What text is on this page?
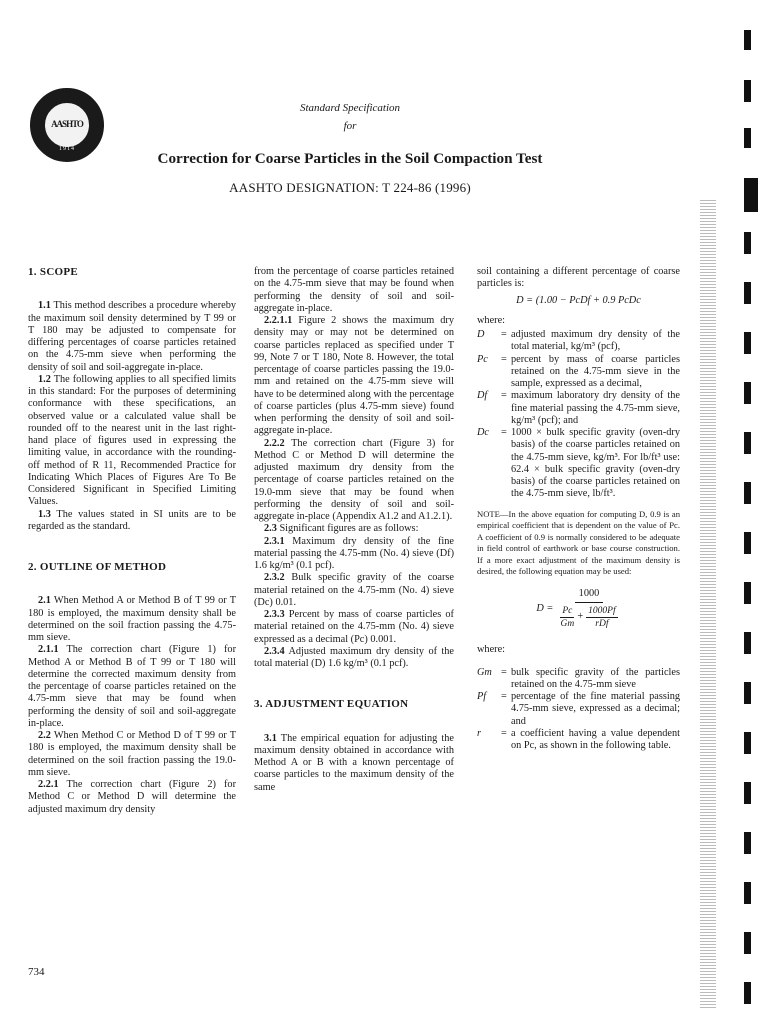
AASHTO
1914
Standard Specification
for
Correction for Coarse Particles in the Soil Compaction Test
AASHTO DESIGNATION: T 224-86 (1996)
1. SCOPE

1.1 This method describes a procedure whereby the maximum soil density determined by T 99 or T 180 may be adjusted to compensate for differing percentages of coarse particles retained on the 4.75-mm sieve when performing the density of soil and soil-aggregate in-place.

1.2 The following applies to all specified limits in this standard: For the purposes of determining conformance with these specifications, an observed value or a calculated value shall be rounded off to the nearest unit in the last right-hand place of figures used in expressing the limiting value, in accordance with the rounding-off method of R 11, Recommended Practice for Indicating Which Places of Figures Are To Be Considered Significant in Specified Limiting Values.

1.3 The values stated in SI units are to be regarded as the standard.

2. OUTLINE OF METHOD

2.1 When Method A or Method B of T 99 or T 180 is employed, the maximum density shall be determined on the soil fraction passing the 4.75-mm sieve.

2.1.1 The correction chart (Figure 1) for Method A or Method B of T 99 or T 180 will determine the corrected maximum density from the percentage of coarse particles retained on the 4.75-mm sieve that may be found when performing the density of soil and soil-aggregate in-place.

2.2 When Method C or Method D of T 99 or T 180 is employed, the maximum density shall be determined on the soil fraction passing the 19.0-mm sieve.

2.2.1 The correction chart (Figure 2) for Method C or Method D will determine the adjusted maximum dry density

from the percentage of coarse particles retained on the 4.75-mm sieve that may be found when performing the density of soil and soil-aggregate in-place.

2.2.1.1 Figure 2 shows the maximum dry density may or may not be determined on coarse particles replaced as specified under T 99, Note 7 or T 180, Note 8. However, the total percentage of coarse particles passing the 19.0-mm and retained on the 4.75-mm sieve will have to be determined along with the percentage of coarse particles (plus 4.75-mm sieve) found when performing the density of soil and soil-aggregate in-place.

2.2.2 The correction chart (Figure 3) for Method C or Method D will determine the adjusted maximum dry density from the percentage of coarse particles retained on the 19.0-mm sieve that may be found when performing the density of soil and soil-aggregate in-place (Appendix A1.2 and A1.2.1).

2.3 Significant figures are as follows:

2.3.1 Maximum dry density of the fine material passing the 4.75-mm (No. 4) sieve (Df) 1.6 kg/m³ (0.1 pcf).

2.3.2 Bulk specific gravity of the coarse material retained on the 4.75-mm (No. 4) sieve (Dc) 0.01.

2.3.3 Percent by mass of coarse particles of material retained on the 4.75-mm (No. 4) sieve expressed as a decimal (Pc) 0.001.

2.3.4 Adjusted maximum dry density of the total material (D) 1.6 kg/m³ (0.1 pcf).

3. ADJUSTMENT EQUATION

3.1 The empirical equation for adjusting the maximum density obtained in accordance with Method A or B with a known percentage of coarse particles to the maximum density of the same

soil containing a different percentage of coarse particles is:

D = (1.00 − PcDf + 0.9 PcDc

where:

D	= adjusted maximum dry density of the total material, kg/m³ (pcf),
Pc	= percent by mass of coarse particles retained on the 4.75-mm sieve in the sample, expressed as a decimal,
Df	= maximum laboratory dry density of the fine material passing the 4.75-mm sieve, kg/m³ (pcf); and
Dc	= 1000 × bulk specific gravity (oven-dry basis) of the coarse particles retained on the 4.75-mm sieve, kg/m³. For lb/ft³ use: 62.4 × bulk specific gravity (oven-dry basis) of the coarse particles retained on the 4.75-mm sieve, lb/ft³.
NOTE—In the above equation for computing D, 0.9 is an empirical coefficient that is dependent on the value of Pc. A coefficient of 0.9 is normally considered to be adequate in field control of earthwork or base course construction. If a more exact adjustment of the maximum density is desired, the following equation may be used:
D =
1000
$\frac{Pc}{Gm} + \frac{1000Pf}{\text{rDf}}$

where:

Gm = bulk specific gravity of the particles retained on the 4.75-mm sieve
Pf	= percentage of the fine material passing 4.75-mm sieve, expressed as a decimal; and
r	= a coefficient having a value dependent on Pc, as shown in the following table.
734
